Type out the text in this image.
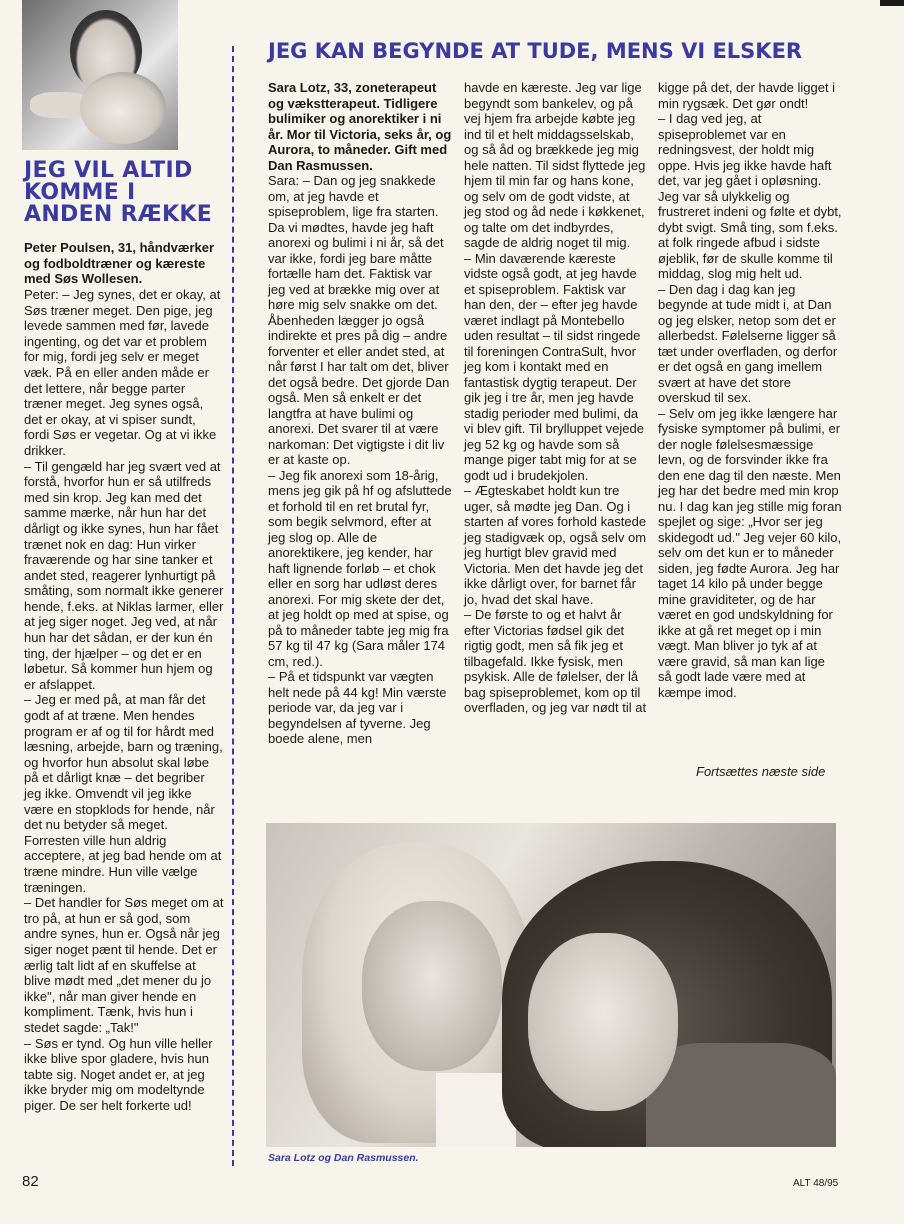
JEG VIL ALTID KOMME I ANDEN RÆKKE

Peter Poulsen, 31, håndværker og fodboldtræner og kæreste med Søs Wollesen.

Peter: – Jeg synes, det er okay, at Søs træner meget. Den pige, jeg levede sammen med før, lavede ingenting, og det var et problem for mig, fordi jeg selv er meget væk. På en eller anden måde er det lettere, når begge parter træner meget. Jeg synes også, det er okay, at vi spiser sundt, fordi Søs er vegetar. Og at vi ikke drikker.
– Til gengæld har jeg svært ved at forstå, hvorfor hun er så utilfreds med sin krop. Jeg kan med det samme mærke, når hun har det dårligt og ikke synes, hun har fået trænet nok en dag: Hun virker fraværende og har sine tanker et andet sted, reagerer lynhurtigt på småting, som normalt ikke generer hende, f.eks. at Niklas larmer, eller at jeg siger noget. Jeg ved, at når hun har det sådan, er der kun én ting, der hjælper – og det er en løbetur. Så kommer hun hjem og er afslappet.
– Jeg er med på, at man får det godt af at træne. Men hendes program er af og til for hårdt med læsning, arbejde, barn og træning, og hvorfor hun absolut skal løbe på et dårligt knæ – det begriber jeg ikke. Omvendt vil jeg ikke være en stopklods for hende, når det nu betyder så meget. Forresten ville hun aldrig acceptere, at jeg bad hende om at træne mindre. Hun ville vælge træningen.
– Det handler for Søs meget om at tro på, at hun er så god, som andre synes, hun er. Også når jeg siger noget pænt til hende. Det er ærlig talt lidt af en skuffelse at blive mødt med „det mener du jo ikke", når man giver hende en kompliment. Tænk, hvis hun i stedet sagde: „Tak!"
– Søs er tynd. Og hun ville heller ikke blive spor gladere, hvis hun tabte sig. Noget andet er, at jeg ikke bryder mig om modeltynde piger. De ser helt forkerte ud!

JEG KAN BEGYNDE AT TUDE, MENS VI ELSKER
Sara Lotz, 33, zoneterapeut og vækstterapeut. Tidligere bulimiker og anorektiker i ni år. Mor til Victoria, seks år, og Aurora, to måneder. Gift med Dan Rasmussen.
Sara: – Dan og jeg snakkede om, at jeg havde et spiseproblem, lige fra starten. Da vi mødtes, havde jeg haft anorexi og bulimi i ni år, så det var ikke, fordi jeg bare måtte fortælle ham det. Faktisk var jeg ved at brække mig over at høre mig selv snakke om det. Åbenheden lægger jo også indirekte et pres på dig – andre forventer et eller andet sted, at når først I har talt om det, bliver det også bedre. Det gjorde Dan også. Men så enkelt er det langtfra at have bulimi og anorexi. Det svarer til at være narkoman: Det vigtigste i dit liv er at kaste op.
– Jeg fik anorexi som 18-årig, mens jeg gik på hf og afsluttede et forhold til en ret brutal fyr, som begik selvmord, efter at jeg slog op. Alle de anorektikere, jeg kender, har haft lignende forløb – et chok eller en sorg har udløst deres anorexi. For mig skete der det, at jeg holdt op med at spise, og på to måneder tabte jeg mig fra 57 kg til 47 kg (Sara måler 174 cm, red.).
– På et tidspunkt var vægten helt nede på 44 kg! Min værste periode var, da jeg var i begyndelsen af tyverne. Jeg boede alene, men
havde en kæreste. Jeg var lige begyndt som bankelev, og på vej hjem fra arbejde købte jeg ind til et helt middagsselskab, og så åd og brækkede jeg mig hele natten. Til sidst flyttede jeg hjem til min far og hans kone, og selv om de godt vidste, at jeg stod og åd nede i køkkenet, og talte om det indbyrdes, sagde de aldrig noget til mig.
– Min daværende kæreste vidste også godt, at jeg havde et spiseproblem. Faktisk var han den, der – efter jeg havde været indlagt på Montebello uden resultat – til sidst ringede til foreningen ContraSult, hvor jeg kom i kontakt med en fantastisk dygtig terapeut. Der gik jeg i tre år, men jeg havde stadig perioder med bulimi, da vi blev gift. Til brylluppet vejede jeg 52 kg og havde som så mange piger tabt mig for at se godt ud i brudekjolen.
– Ægteskabet holdt kun tre uger, så mødte jeg Dan. Og i starten af vores forhold kastede jeg stadigvæk op, også selv om jeg hurtigt blev gravid med Victoria. Men det havde jeg det ikke dårligt over, for barnet får jo, hvad det skal have.
– De første to og et halvt år efter Victorias fødsel gik det rigtig godt, men så fik jeg et tilbagefald. Ikke fysisk, men psykisk. Alle de følelser, der lå bag spiseproblemet, kom op til overfladen, og jeg var nødt til at
kigge på det, der havde ligget i min rygsæk. Det gør ondt!
– I dag ved jeg, at spiseproblemet var en redningsvest, der holdt mig oppe. Hvis jeg ikke havde haft det, var jeg gået i opløsning. Jeg var så ulykkelig og frustreret indeni og følte et dybt, dybt svigt. Små ting, som f.eks. at folk ringede afbud i sidste øjeblik, før de skulle komme til middag, slog mig helt ud.
– Den dag i dag kan jeg begynde at tude midt i, at Dan og jeg elsker, netop som det er allerbedst. Følelserne ligger så tæt under overfladen, og derfor er det også en gang imellem svært at have det store overskud til sex.
– Selv om jeg ikke længere har fysiske symptomer på bulimi, er der nogle følelsesmæssige levn, og de forsvinder ikke fra den ene dag til den næste. Men jeg har det bedre med min krop nu. I dag kan jeg stille mig foran spejlet og sige: „Hvor ser jeg skidegodt ud." Jeg vejer 60 kilo, selv om det kun er to måneder siden, jeg fødte Aurora. Jeg har taget 14 kilo på under begge mine graviditeter, og de har været en god undskyldning for ikke at gå ret meget op i min vægt. Man bliver jo tyk af at være gravid, så man kan lige så godt lade være med at kæmpe imod.

Fortsættes næste side

Sara Lotz og Dan Rasmussen.

82	ALT 48/95
